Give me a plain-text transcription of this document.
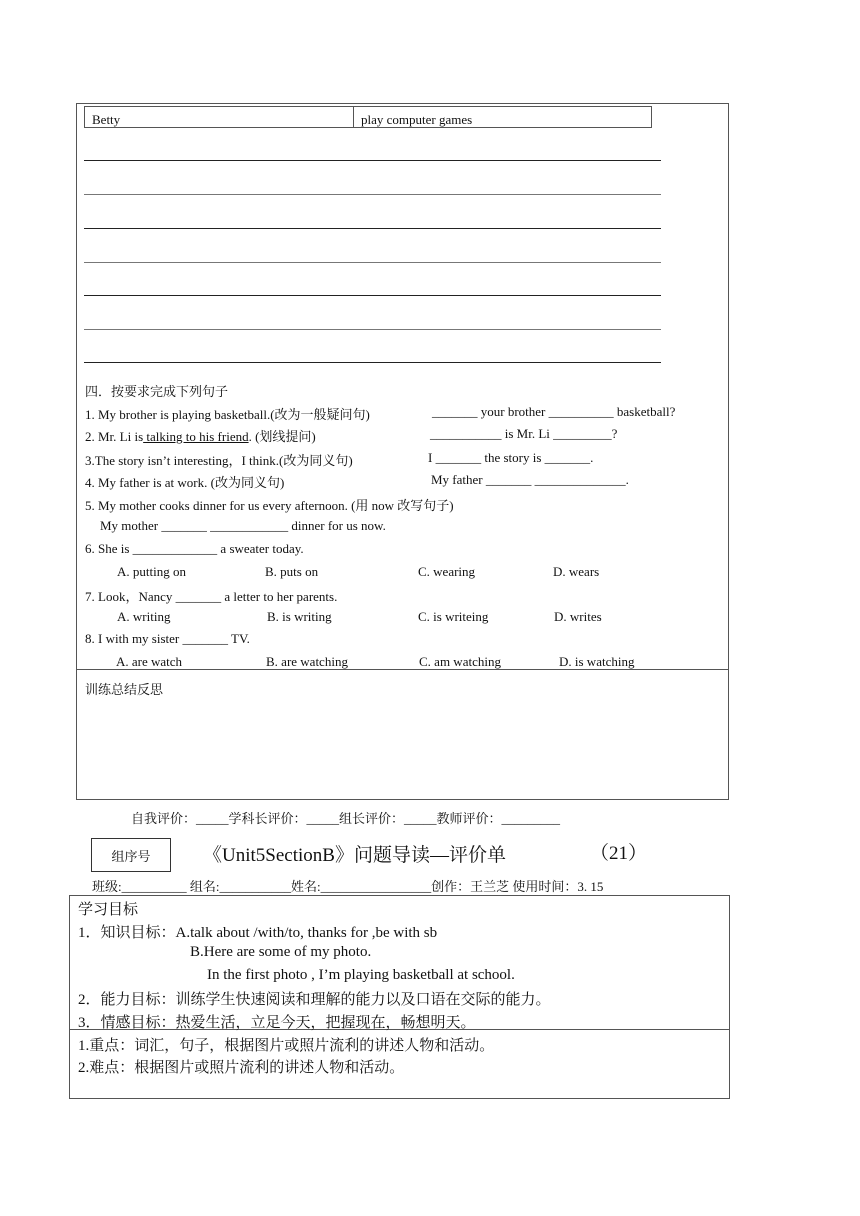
Betty	play computer games
四．按要求完成下列句子
1. My brother is playing basketball.(改为一般疑问句)	_______ your brother __________ basketball?
2. Mr. Li is talking to his friend. (划线提问)	___________ is Mr. Li _________?
3.The story isn’t interesting，I think.(改为同义句)	I _______ the story is _______.
4. My father is at work. (改为同义句)	My father _______ ______________.
5. My mother cooks dinner for us every afternoon. (用 now 改写句子)
My mother _______ ____________ dinner for us now.
6. She is _____________ a sweater today.
A. putting on	B. puts on	C. wearing	D. wears
7. Look，Nancy _______ a letter to her parents.
A. writing	B. is writing	C. is writeing	D. writes
8. I with my sister _______ TV.
A. are watch	B. are watching	C. am watching	D. is watching
训练总结反思
自我评价：_____学科长评价：_____组长评价：_____教师评价：_________
组序号	《Unit5SectionB》问题导读—评价单	（21）
班级:__________ 组名:___________姓名:_________________创作：王兰芝 使用时间：3. 15
学习目标
1．知识目标：A.talk about /with/to, thanks for ,be with sb
B.Here are some of my photo.
In the first photo , I’m playing basketball at school.
2．能力目标：训练学生快速阅读和理解的能力以及口语在交际的能力。
3．情感目标：热爱生活，立足今天，把握现在，畅想明天。
1.重点：词汇，句子，根据图片或照片流利的讲述人物和活动。
2.难点：根据图片或照片流利的讲述人物和活动。
